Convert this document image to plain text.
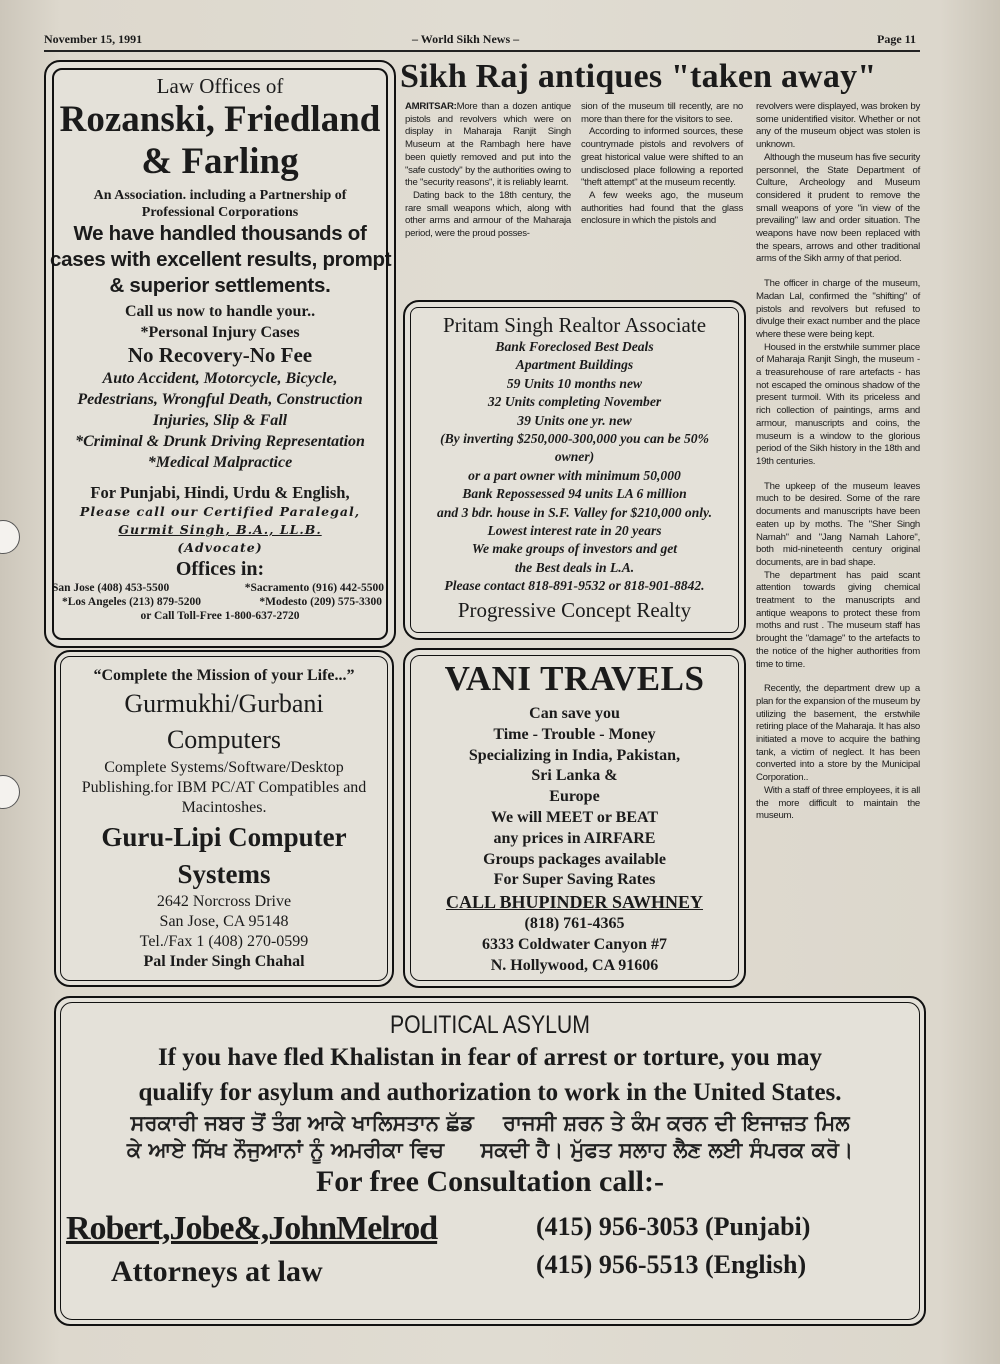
November 15, 1991	– World Sikh News –	Page 11
Law Offices of
Rozanski, Friedland
& Farling
An Association. including a Partnership of
Professional Corporations
We have handled thousands of
cases with excellent results, prompt
& superior settlements.
Call us now to handle your..
*Personal Injury Cases
No Recovery-No Fee
Auto Accident, Motorcycle, Bicycle,
Pedestrians, Wrongful Death, Construction
Injuries, Slip & Fall
*Criminal & Drunk Driving Representation
*Medical Malpractice
For Punjabi, Hindi, Urdu & English,
Please call our Certified Paralegal,
Gurmit Singh, B.A., LL.B.
(Advocate)
Offices in:
San Jose (408) 453-5500	*Sacramento (916) 442-5500
*Los Angeles (213) 879-5200	*Modesto (209) 575-3300
or Call Toll-Free 1-800-637-2720
Sikh Raj antiques "taken away"

AMRITSAR:More than a dozen antique pistols and revolvers which were on display in Maharaja Ranjit Singh Museum at the Rambagh here have been quietly removed and put into the "safe custody" by the authorities owing to the "security reasons", it is reliably learnt.

Dating back to the 18th century, the rare small weapons which, along with other arms and armour of the Maharaja period, were the proud posses-

sion of the museum till recently, are no more than there for the visitors to see.

According to informed sources, these countrymade pistols and revolvers of great historical value were shifted to an undisclosed place following a reported "theft attempt" at the museum recently.

A few weeks ago, the museum authorities had found that the glass enclosure in which the pistols and

revolvers were displayed, was broken by some unidentified visitor. Whether or not any of the museum object was stolen is unknown.

Although the museum has five security personnel, the State Department of Culture, Archeology and Museum considered it prudent to remove the small weapons of yore "in view of the prevailing" law and order situation. The weapons have now been replaced with the spears, arrows and other traditional arms of the Sikh army of that period.

The officer in charge of the museum, Madan Lal, confirmed the "shifting" of pistols and revolvers but refused to divulge their exact number and the place where these were being kept.

Housed in the erstwhile summer place of Maharaja Ranjit Singh, the museum - a treasurehouse of rare artefacts - has not escaped the ominous shadow of the present turmoil. With its priceless and rich collection of paintings, arms and armour, manuscripts and coins, the museum is a window to the glorious period of the Sikh history in the 18th and 19th centuries.

The upkeep of the museum leaves much to be desired. Some of the rare documents and manuscripts have been eaten up by moths. The "Sher Singh Namah" and "Jang Namah Lahore", both mid-nineteenth century original documents, are in bad shape.

The department has paid scant attention towards giving chemical treatment to the manuscripts and antique weapons to protect these from moths and rust . The museum staff has brought the "damage" to the artefacts to the notice of the higher authorities from time to time.

Recently, the department drew up a plan for the expansion of the museum by utilizing the basement, the erstwhile retiring place of the Maharaja. It has also initiated a move to acquire the bathing tank, a victim of neglect. It has been converted into a store by the Municipal Corporation..

With a staff of three employees, it is all the more difficult to maintain the museum.

Pritam Singh Realtor Associate
Bank Foreclosed Best Deals
Apartment Buildings
59 Units 10 months new
32 Units completing November
39 Units one yr. new
(By inverting $250,000-300,000 you can be 50%
owner)
or a part owner with minimum 50,000
Bank Repossessed 94 units LA 6 million
and 3 bdr. house in S.F. Valley for $210,000 only.
Lowest interest rate in 20 years
We make groups of investors and get
the Best deals in L.A.
Please contact 818-891-9532 or 818-901-8842.
Progressive Concept Realty
“Complete the Mission of your Life...”
Gurmukhi/Gurbani
Computers
Complete Systems/Software/Desktop
Publishing.for IBM PC/AT Compatibles and
Macintoshes.
Guru-Lipi Computer
Systems
2642 Norcross Drive
San Jose, CA 95148
Tel./Fax 1 (408) 270-0599
Pal Inder Singh Chahal
VANI TRAVELS
Can save you
Time - Trouble - Money
Specializing in India, Pakistan,
Sri Lanka &
Europe
We will MEET or BEAT
any prices in AIRFARE
Groups packages available
For Super Saving Rates
CALL BHUPINDER SAWHNEY
(818) 761-4365
6333 Coldwater Canyon #7
N. Hollywood, CA 91606
POLITICAL ASYLUM
If you have fled Khalistan in fear of arrest or torture, you may
qualify for asylum and authorization to work in the United States.
ਸਰਕਾਰੀ ਜਬਰ ਤੋਂ ਤੰਗ ਆਕੇ ਖਾਲਿਸਤਾਨ ਛੱਡ    ਰਾਜਸੀ ਸ਼ਰਨ ਤੇ ਕੰਮ ਕਰਨ ਦੀ ਇਜਾਜ਼ਤ ਮਿਲ
ਕੇ ਆਏ ਸਿੱਖ ਨੌਜੁਆਨਾਂ ਨੂੰ ਅਮਰੀਕਾ ਵਿਚ     ਸਕਦੀ ਹੈ। ਮੁੱਫਤ ਸਲਾਹ ਲੈਣ ਲਈ ਸੰਪਰਕ ਕਰੋ।
For free Consultation call:-
Robert,Jobe&,JohnMelrod
Attorneys at law
(415) 956-3053 (Punjabi)
(415) 956-5513 (English)
